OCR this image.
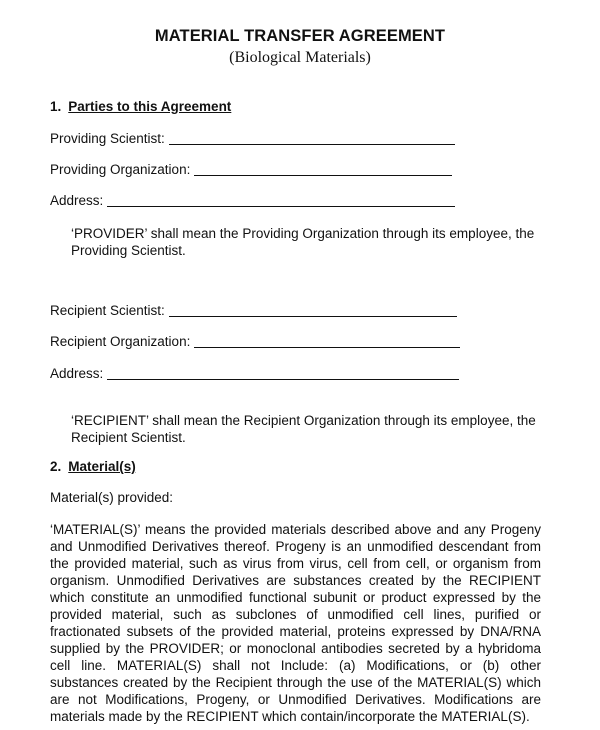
MATERIAL TRANSFER AGREEMENT
(Biological Materials)
1. Parties to this Agreement
Providing Scientist:
Providing Organization:
Address:
‘PROVIDER’ shall mean the Providing Organization through its employee, the Providing Scientist.
Recipient Scientist:
Recipient Organization:
Address:
‘RECIPIENT’ shall mean the Recipient Organization through its employee, the Recipient Scientist.
2. Material(s)
Material(s) provided:
‘MATERIAL(S)’ means the provided materials described above and any Progeny
and Unmodified Derivatives thereof. Progeny is an unmodified descendant from
the provided material, such as virus from virus, cell from cell, or organism from
organism. Unmodified Derivatives are substances created by the RECIPIENT
which constitute an unmodified functional subunit or product expressed by the
provided material, such as subclones of unmodified cell lines, purified or
fractionated subsets of the provided material, proteins expressed by DNA/RNA
supplied by the PROVIDER; or monoclonal antibodies secreted by a hybridoma
cell line. MATERIAL(S) shall not Include: (a) Modifications, or (b) other
substances created by the Recipient through the use of the MATERIAL(S) which
are not Modifications, Progeny, or Unmodified Derivatives. Modifications are
materials made by the RECIPIENT which contain/incorporate the MATERIAL(S).
